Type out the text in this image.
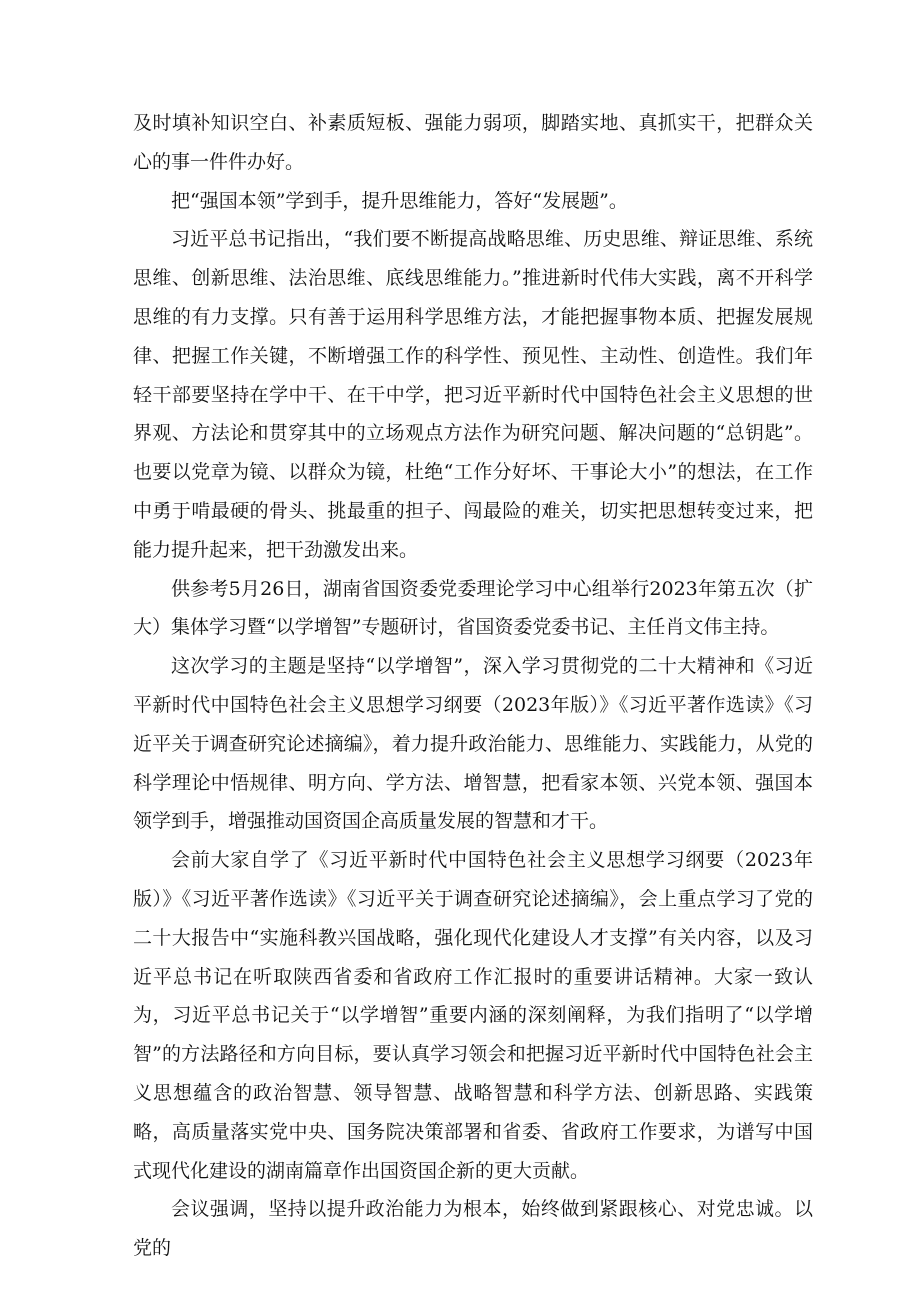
及时填补知识空白、补素质短板、强能力弱项，脚踏实地、真抓实干，把群众关心的事一件件办好。

把“强国本领”学到手，提升思维能力，答好“发展题”。

习近平总书记指出，“我们要不断提高战略思维、历史思维、辩证思维、系统思维、创新思维、法治思维、底线思维能力。”推进新时代伟大实践，离不开科学思维的有力支撑。只有善于运用科学思维方法，才能把握事物本质、把握发展规律、把握工作关键，不断增强工作的科学性、预见性、主动性、创造性。我们年轻干部要坚持在学中干、在干中学，把习近平新时代中国特色社会主义思想的世界观、方法论和贯穿其中的立场观点方法作为研究问题、解决问题的“总钥匙”。也要以党章为镜、以群众为镜，杜绝“工作分好坏、干事论大小”的想法，在工作中勇于啃最硬的骨头、挑最重的担子、闯最险的难关，切实把思想转变过来，把能力提升起来，把干劲激发出来。

供参考5月26日，湖南省国资委党委理论学习中心组举行2023年第五次（扩大）集体学习暨“以学增智”专题研讨，省国资委党委书记、主任肖文伟主持。

这次学习的主题是坚持“以学增智”，深入学习贯彻党的二十大精神和《习近平新时代中国特色社会主义思想学习纲要（2023年版）》《习近平著作选读》《习近平关于调查研究论述摘编》，着力提升政治能力、思维能力、实践能力，从党的科学理论中悟规律、明方向、学方法、增智慧，把看家本领、兴党本领、强国本领学到手，增强推动国资国企高质量发展的智慧和才干。

会前大家自学了《习近平新时代中国特色社会主义思想学习纲要（2023年版）》《习近平著作选读》《习近平关于调查研究论述摘编》，会上重点学习了党的二十大报告中“实施科教兴国战略，强化现代化建设人才支撑”有关内容，以及习近平总书记在听取陕西省委和省政府工作汇报时的重要讲话精神。大家一致认为，习近平总书记关于“以学增智”重要内涵的深刻阐释，为我们指明了“以学增智”的方法路径和方向目标，要认真学习领会和把握习近平新时代中国特色社会主义思想蕴含的政治智慧、领导智慧、战略智慧和科学方法、创新思路、实践策略，高质量落实党中央、国务院决策部署和省委、省政府工作要求，为谱写中国式现代化建设的湖南篇章作出国资国企新的更大贡献。

会议强调，坚持以提升政治能力为根本，始终做到紧跟核心、对党忠诚。以党的
